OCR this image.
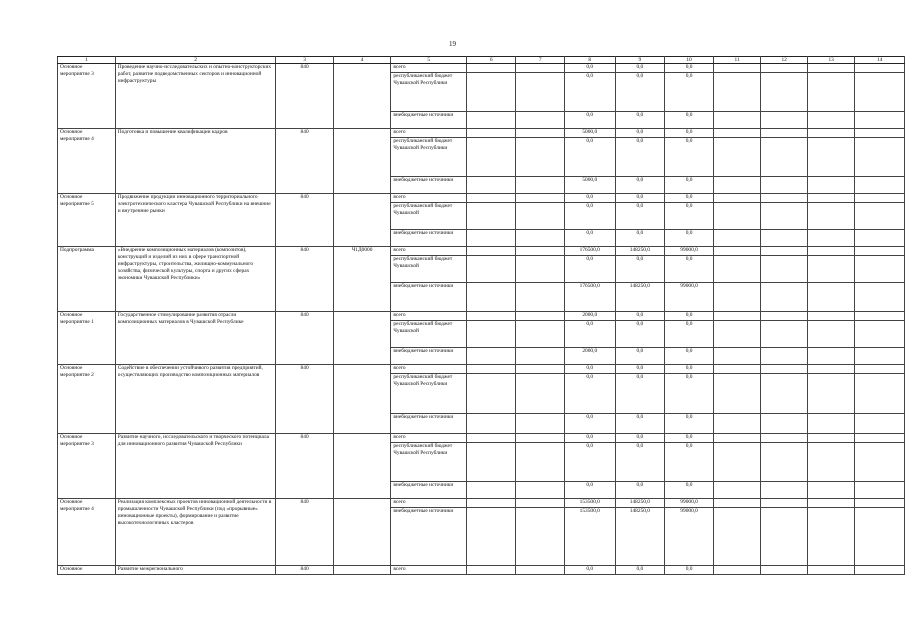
19
1	2	3	4	5	6	7	8	9	10	11	12	13	14
Основное мероприятие 3	Проведение научно-исследовательских и опытно-конструкторских работ, развитие подведомственных секторов и инновационной инфраструктуры	840		всего			0,0	0,0	0,0				
				республиканский бюджет Чувашской Республики			0,0	0,0	0,0				
				внебюджетные источники			0,0	0,0	0,0				
Основное мероприятие 4	Подготовка и повышение квалификации кадров	840		всего			5000,0	0,0	0,0				
				республиканский бюджет Чувашской Республики			0,0	0,0	0,0				
				внебюджетные источники			5000,0	0,0	0,0				
Основное мероприятие 5	Продвижение продукции инновационного территориального электротехнического кластера Чувашской Республики на внешние и внутренние рынки	840		всего			0,0	0,0	0,0				
				республиканский бюджет Чувашской			0,0	0,0	0,0				
				внебюджетные источники			0,0	0,0	0,0				
Подпрограмма	«Внедрение композиционных материалов (композитов), конструкций и изделий из них в сфере транспортной инфраструктуры, строительства, жилищно-коммунального хозяйства, физической культуры, спорта и других сферах экономики Чувашской Республики»	840	Ч1Д0000	всего			176500,0	148250,0	99000,0				
				республиканский бюджет Чувашской			0,0	0,0	0,0				
				внебюджетные источники			176500,0	148250,0	99000,0				
Основное мероприятие 1	Государственное стимулирование развития отрасли композиционных материалов в Чувашской Республике	840		всего			2000,0	0,0	0,0				
				республиканский бюджет Чувашской			0,0	0,0	0,0				
				внебюджетные источники			2000,0	0,0	0,0				
Основное мероприятие 2	Содействие в обеспечении устойчивого развития предприятий, осуществляющих производство композиционных материалов	840		всего			0,0	0,0	0,0				
				республиканский бюджет Чувашской Республики			0,0	0,0	0,0				
				внебюджетные источники			0,0	0,0	0,0				
Основное мероприятие 3	Развитие научного, исследовательского и творческого потенциала для инновационного развития Чувашской Республики	840		всего			0,0	0,0	0,0				
				республиканский бюджет Чувашской Республики			0,0	0,0	0,0				
				внебюджетные источники			0,0	0,0	0,0				
Основное мероприятие 4	Реализация комплексных проектов инновационной деятельности в промышленности Чувашской Республики (под «прорывные» инновационные проекты), формирование и развитие высокотехнологичных кластеров	840		всего			153500,0	148250,0	99000,0				
				внебюджетные источники			153500,0	148250,0	99000,0				
Основное	Развитие межрегионального	840		всего			0,0	0,0	0,0				
